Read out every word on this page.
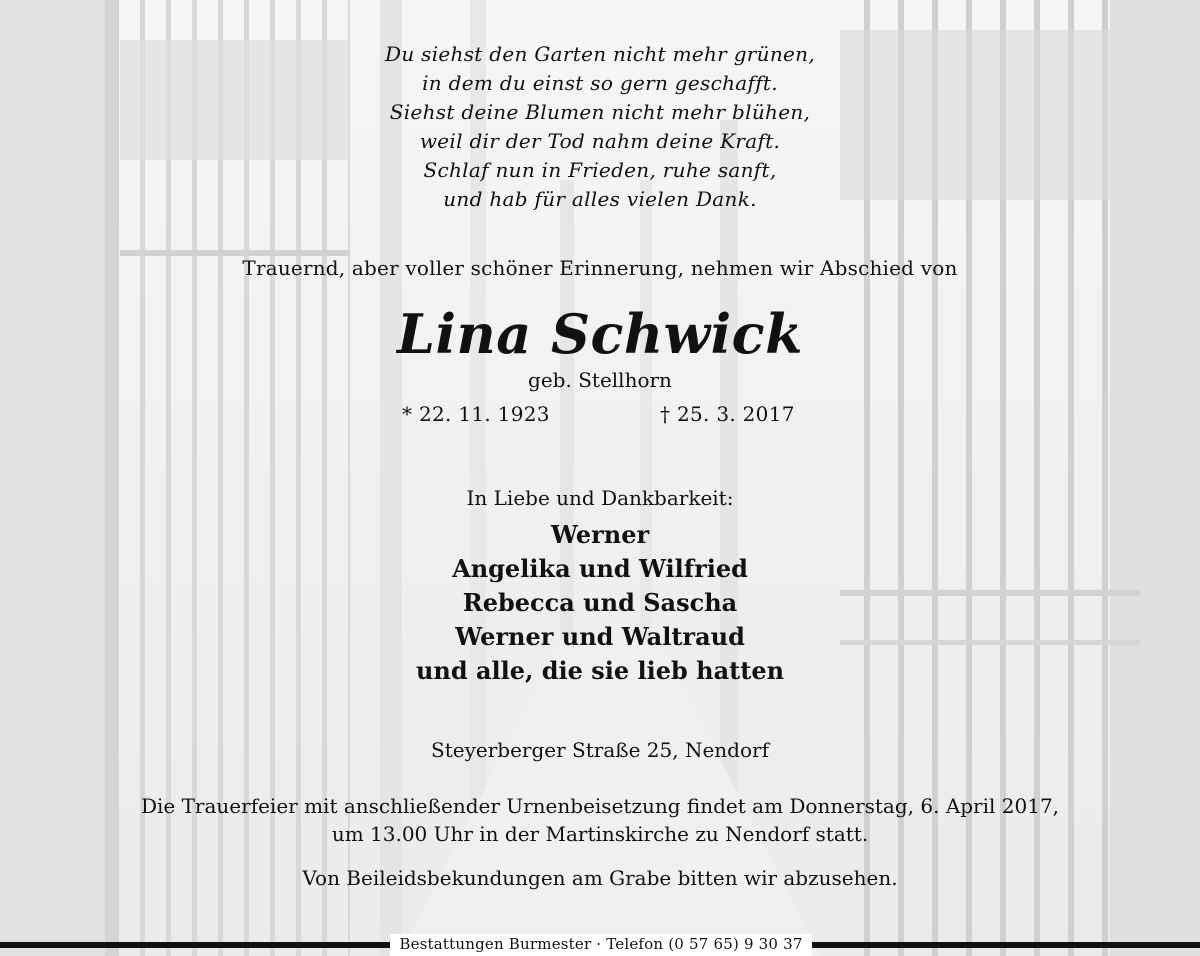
Du siehst den Garten nicht mehr grünen,
in dem du einst so gern geschafft.
Siehst deine Blumen nicht mehr blühen,
weil dir der Tod nahm deine Kraft.
Schlaf nun in Frieden, ruhe sanft,
und hab für alles vielen Dank.
Trauernd, aber voller schöner Erinnerung, nehmen wir Abschied von
Lina Schwick
geb. Stellhorn
* 22. 11. 1923	† 25. 3. 2017
In Liebe und Dankbarkeit:
Werner
Angelika und Wilfried
Rebecca und Sascha
Werner und Waltraud
und alle, die sie lieb hatten
Steyerberger Straße 25, Nendorf
Die Trauerfeier mit anschließender Urnenbeisetzung findet am Donnerstag, 6. April 2017,
um 13.00 Uhr in der Martinskirche zu Nendorf statt.
Von Beileidsbekundungen am Grabe bitten wir abzusehen.
Bestattungen Burmester · Telefon (0 57 65) 9 30 37
